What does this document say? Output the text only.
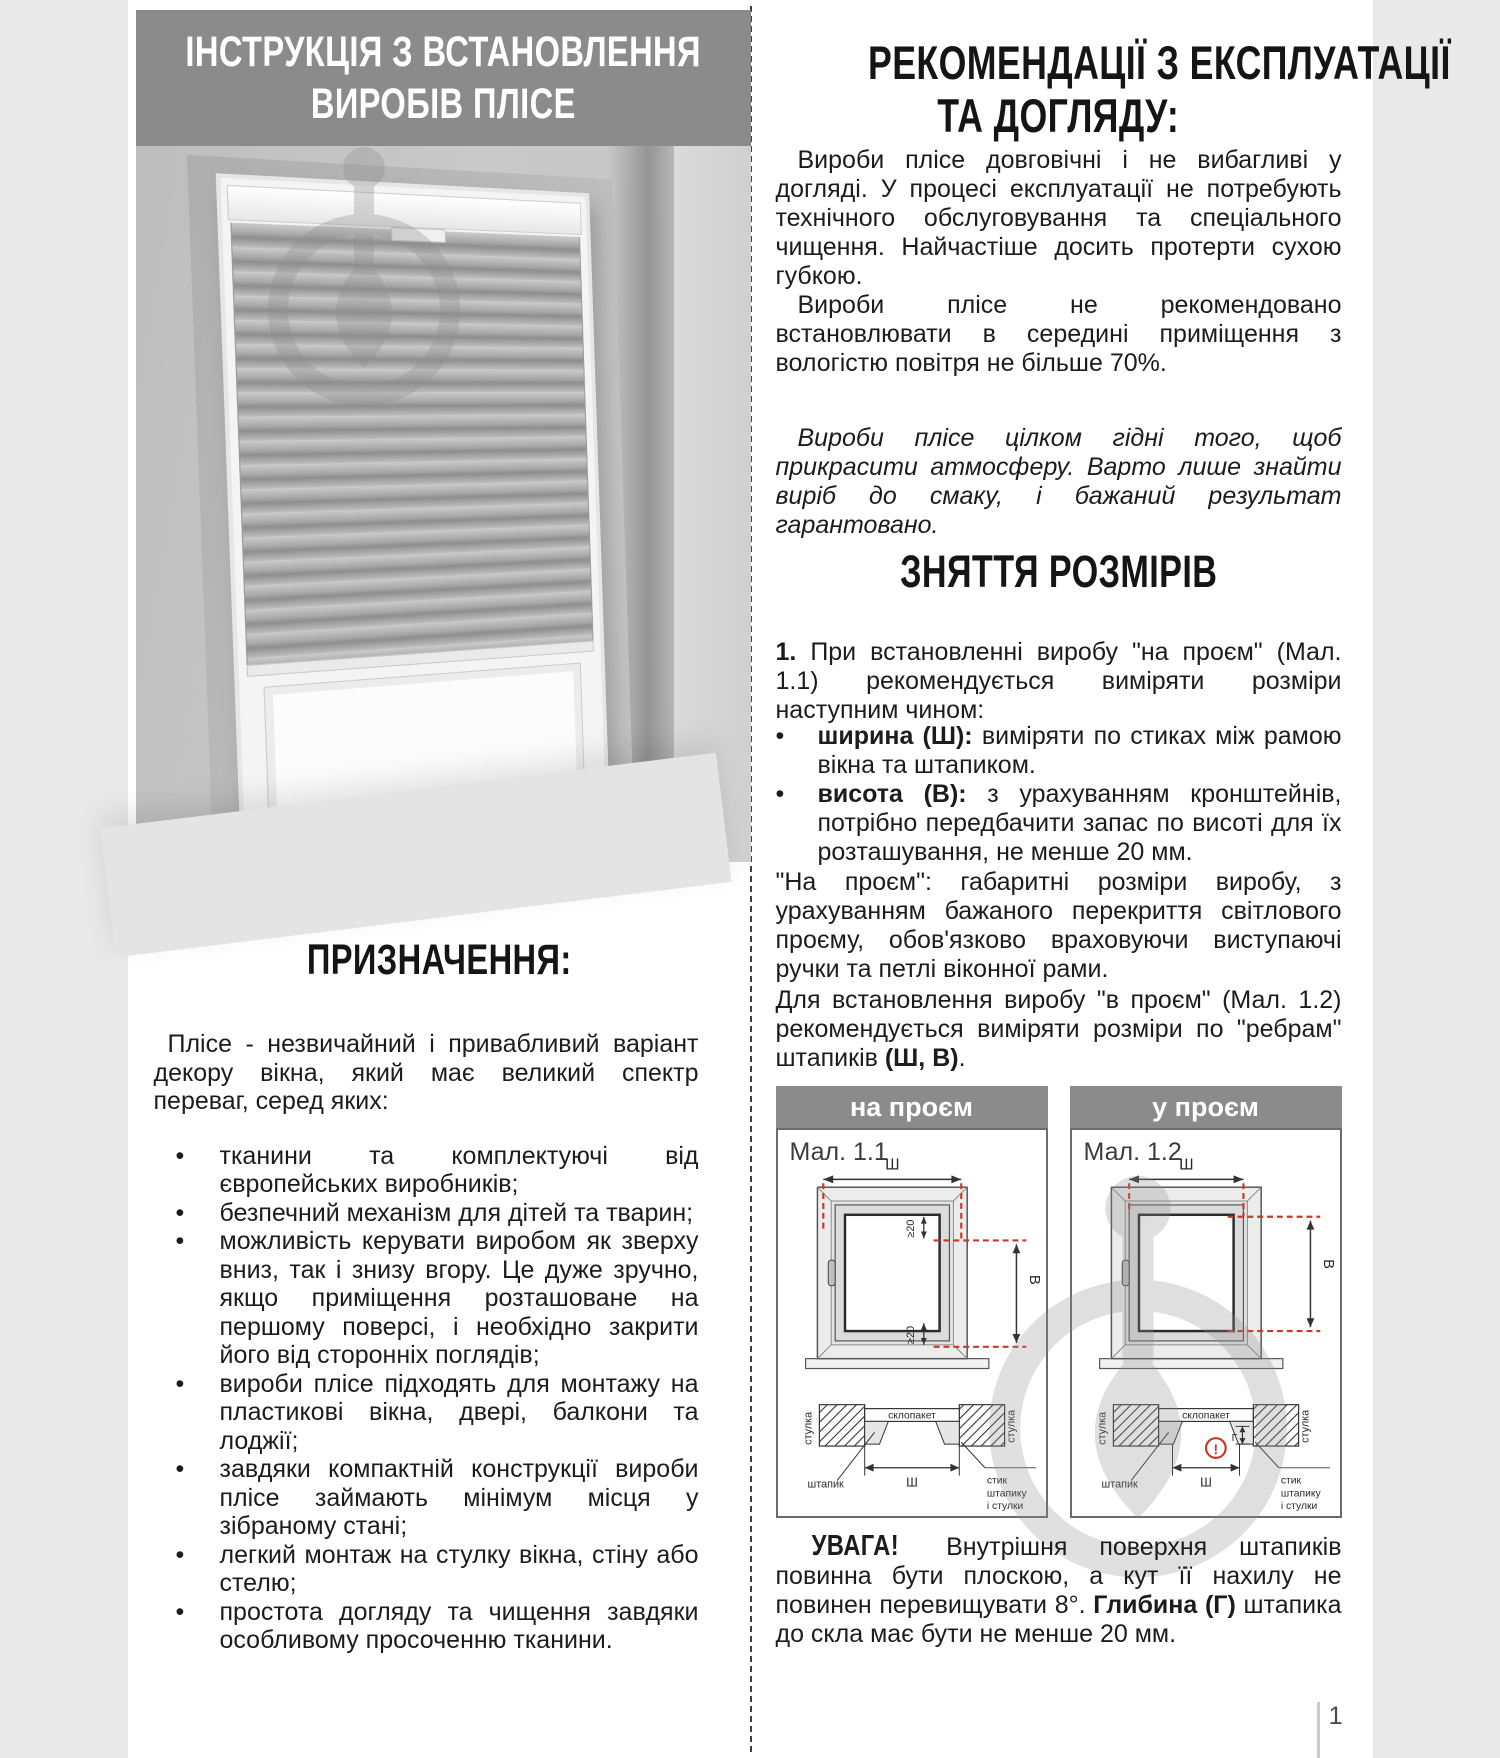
ІНСТРУКЦІЯ З ВСТАНОВЛЕННЯ
ВИРОБІВ ПЛІСЕ
ПРИЗНАЧЕННЯ:

Плісе - незвичайний і привабливий варіант декору вікна, який має великий спектр переваг, серед яких:

• тканини та комплектуючі від європейських виробників;
• безпечний механізм для дітей та тварин;
• можливість керувати виробом як зверху вниз, так і знизу вгору. Це дуже зручно, якщо приміщення розташоване на першому поверсі, і необхідно закрити його від сторонніх поглядів;
• вироби плісе підходять для монтажу на пластикові вікна, двері, балкони та лоджії;
• завдяки компактній конструкції вироби плісе займають мінімум місця у зібраному стані;
• легкий монтаж на стулку вікна, стіну або стелю;
• простота догляду та чищення завдяки особливому просоченню тканини.
РЕКОМЕНДАЦІЇ З ЕКСПЛУАТАЦІЇ
ТА ДОГЛЯДУ:

Вироби плісе довговічні і не вибагливі у догляді. У процесі експлуатації не потребують технічного обслуговування та спеціального чищення. Найчастіше досить протерти сухою губкою.

Вироби плісе не рекомендовано встановлювати в середині приміщення з вологістю повітря не більше 70%.

Вироби плісе цілком гідні того, щоб прикрасити атмосферу. Варто лише знайти виріб до смаку, і бажаний результат гарантовано.

ЗНЯТТЯ РОЗМІРІВ

1. При встановленні виробу "на проєм" (Мал. 1.1) рекомендується виміряти розміри наступним чином:

• ширина (Ш): виміряти по стиках між рамою вікна та штапиком.
• висота (В): з урахуванням кронштейнів, потрібно передбачити запас по висоті для їх розташування, не менше 20 мм.

"На проєм": габаритні розміри виробу, з урахуванням бажаного перекриття світлового проєму, обов'язково враховуючи виступаючі ручки та петлі віконної рами.

Для встановлення виробу "в проєм" (Мал. 1.2) рекомендується виміряти розміри по "ребрам" штапиків (Ш, В).

на проєм
Мал. 1.1
Ш
В
≥20
≥20
стулка	стулка
склопакет
Ш
штапик	стик
штапику
і стулки
у проєм
Мал. 1.2
Ш
В
стулка	стулка
склопакет
Ш
штапик	стик
штапику
і стулки
!
Г

УВАГА! Внутрішня поверхня штапиків повинна бути плоскою, а кут її нахилу не повинен перевищувати 8°. Глибина (Г) штапика до скла має бути не менше 20 мм.

1
